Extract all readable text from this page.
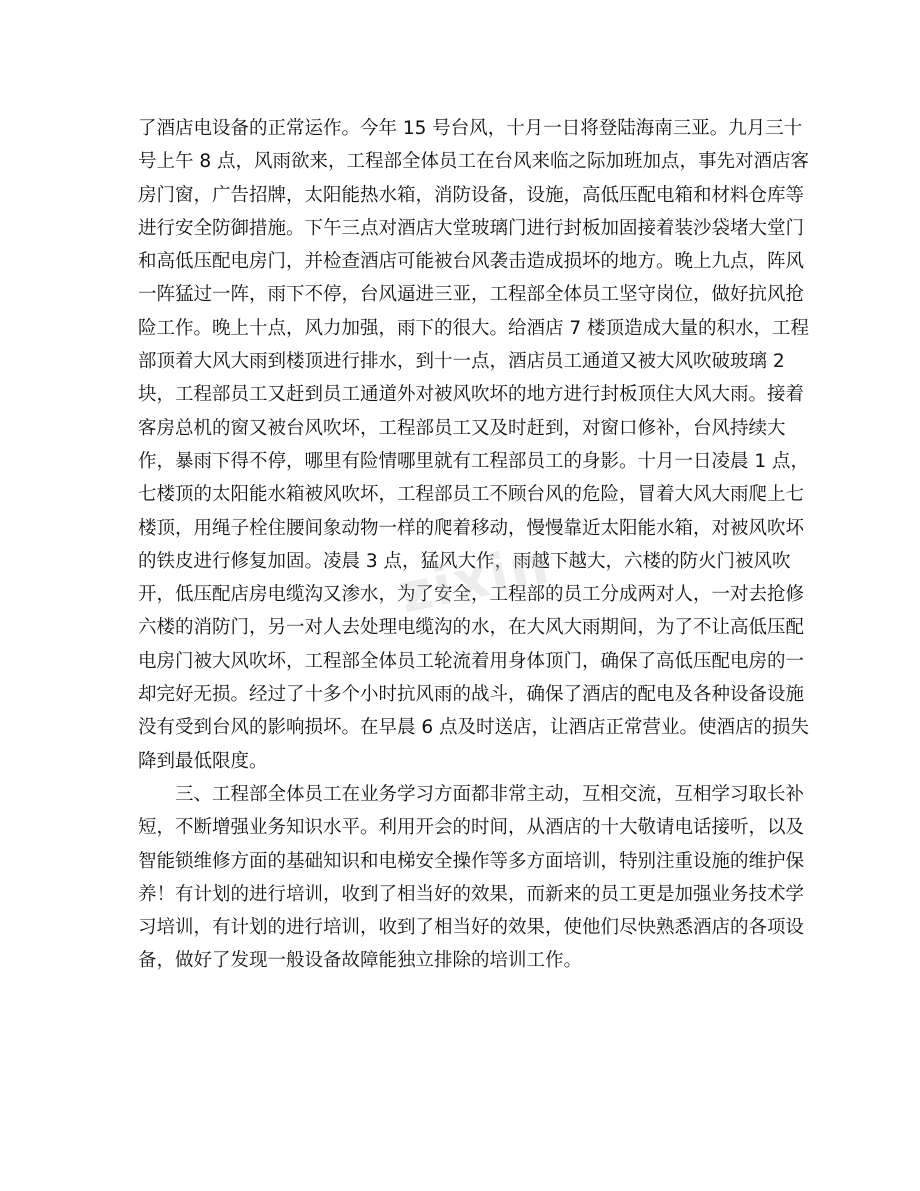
了酒店电设备的正常运作。今年 15 号台风，十月一日将登陆海南三亚。九月三十
号上午 8 点，风雨欲来，工程部全体员工在台风来临之际加班加点，事先对酒店客
房门窗，广告招牌，太阳能热水箱，消防设备，设施，高低压配电箱和材料仓库等
进行安全防御措施。下午三点对酒店大堂玻璃门进行封板加固接着装沙袋堵大堂门
和高低压配电房门，并检查酒店可能被台风袭击造成损坏的地方。晚上九点，阵风
一阵猛过一阵，雨下不停，台风逼进三亚，工程部全体员工坚守岗位，做好抗风抢
险工作。晚上十点，风力加强，雨下的很大。给酒店 7 楼顶造成大量的积水，工程
部顶着大风大雨到楼顶进行排水，到十一点，酒店员工通道又被大风吹破玻璃 2
块，工程部员工又赶到员工通道外对被风吹坏的地方进行封板顶住大风大雨。接着
客房总机的窗又被台风吹坏，工程部员工又及时赶到，对窗口修补，台风持续大
作，暴雨下得不停，哪里有险情哪里就有工程部员工的身影。十月一日凌晨 1 点，
七楼顶的太阳能水箱被风吹坏，工程部员工不顾台风的危险，冒着大风大雨爬上七
楼顶，用绳子栓住腰间象动物一样的爬着移动，慢慢靠近太阳能水箱，对被风吹坏
的铁皮进行修复加固。凌晨 3 点，猛风大作，雨越下越大，六楼的防火门被风吹
开，低压配店房电缆沟又渗水，为了安全，工程部的员工分成两对人，一对去抢修
六楼的消防门，另一对人去处理电缆沟的水，在大风大雨期间，为了不让高低压配
电房门被大风吹坏，工程部全体员工轮流着用身体顶门，确保了高低压配电房的一
却完好无损。经过了十多个小时抗风雨的战斗，确保了酒店的配电及各种设备设施
没有受到台风的影响损坏。在早晨 6 点及时送店，让酒店正常营业。使酒店的损失
降到最低限度。
　　三、工程部全体员工在业务学习方面都非常主动，互相交流，互相学习取长补
短，不断增强业务知识水平。利用开会的时间，从酒店的十大敬请电话接听，以及
智能锁维修方面的基础知识和电梯安全操作等多方面培训，特别注重设施的维护保
养！有计划的进行培训，收到了相当好的效果，而新来的员工更是加强业务技术学
习培训，有计划的进行培训，收到了相当好的效果，使他们尽快熟悉酒店的各项设
备，做好了发现一般设备故障能独立排除的培训工作。
zixin
